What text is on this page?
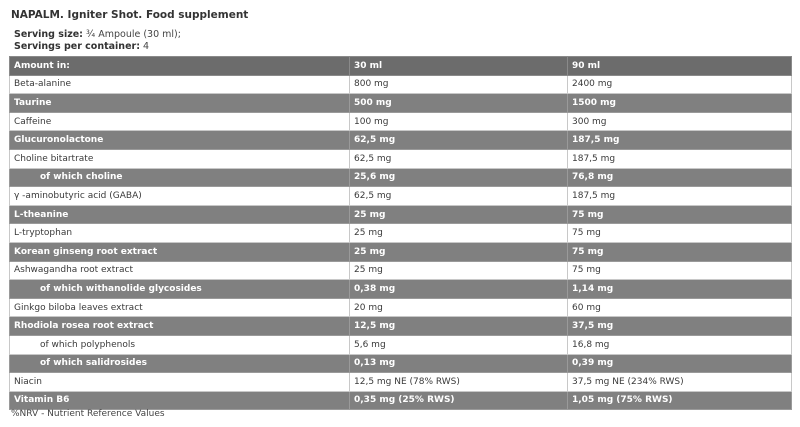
NAPALM. Igniter Shot. Food supplement
Serving size: ¾ Ampoule (30 ml);
Servings per container: 4
Amount in:	30 ml	90 ml
Beta-alanine	800 mg	2400 mg
Taurine	500 mg	1500 mg
Caffeine	100 mg	300 mg
Glucuronolactone	62,5 mg	187,5 mg
Choline bitartrate	62,5 mg	187,5 mg
of which choline	25,6 mg	76,8 mg
γ -aminobutyric acid (GABA)	62,5 mg	187,5 mg
L-theanine	25 mg	75 mg
L-tryptophan	25 mg	75 mg
Korean ginseng root extract	25 mg	75 mg
Ashwagandha root extract	25 mg	75 mg
of which withanolide glycosides	0,38 mg	1,14 mg
Ginkgo biloba leaves extract	20 mg	60 mg
Rhodiola rosea root extract	12,5 mg	37,5 mg
of which polyphenols	5,6 mg	16,8 mg
of which salidrosides	0,13 mg	0,39 mg
Niacin	12,5 mg NE (78% RWS)	37,5 mg NE (234% RWS)
Vitamin B6	0,35 mg (25% RWS)	1,05 mg (75% RWS)
%NRV - Nutrient Reference Values
